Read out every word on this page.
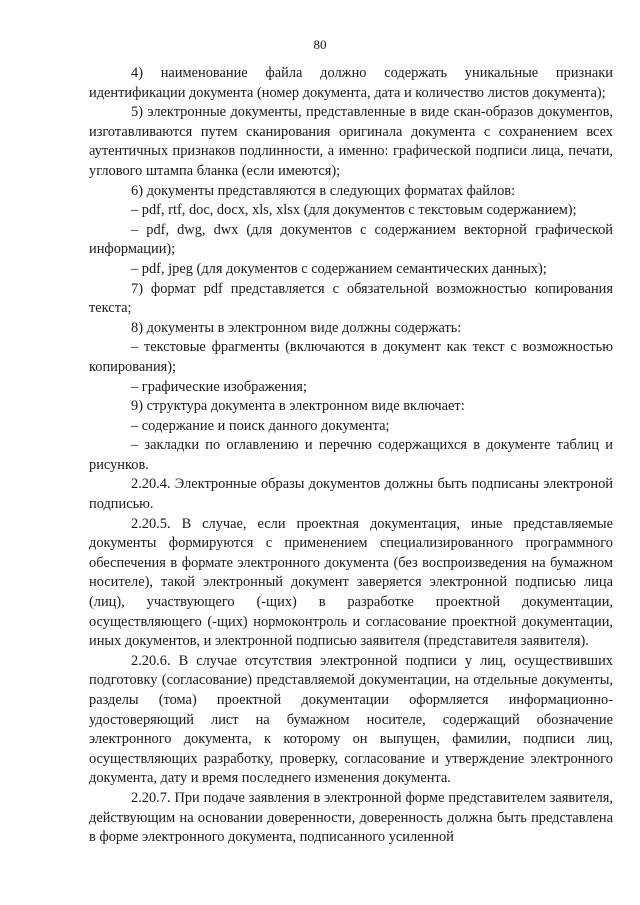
80

4) наименование файла должно содержать уникальные признаки идентификации документа (номер документа, дата и количество листов документа);

5) электронные документы, представленные в виде скан-образов документов, изготавливаются путем сканирования оригинала документа с сохранением всех аутентичных признаков подлинности, а именно: графической подписи лица, печати, углового штампа бланка (если имеются);

6) документы представляются в следующих форматах файлов:

– pdf, rtf, doc, docx, xls, xlsx (для документов с текстовым содержанием);

– pdf, dwg, dwx (для документов с содержанием векторной графической информации);

– pdf, jpeg (для документов с содержанием семантических данных);

7) формат pdf представляется с обязательной возможностью копирования текста;

8) документы в электронном виде должны содержать:

– текстовые фрагменты (включаются в документ как текст с возможностью копирования);

– графические изображения;

9) структура документа в электронном виде включает:

– содержание и поиск данного документа;

– закладки по оглавлению и перечню содержащихся в документе таблиц и рисунков.

2.20.4. Электронные образы документов должны быть подписаны электроной подписью.

2.20.5. В случае, если проектная документация, иные представляемые документы формируются с применением специализированного программного обеспечения в формате электронного документа (без воспроизведения на бумажном носителе), такой электронный документ заверяется электронной подписью лица (лиц), участвующего (-щих) в разработке проектной документации, осуществляющего (-щих) нормоконтроль и согласование проектной документации, иных документов, и электронной подписью заявителя (представителя заявителя).

2.20.6. В случае отсутствия электронной подписи у лиц, осуществивших подготовку (согласование) представляемой документации, на отдельные документы, разделы (тома) проектной документации оформляется информационно-удостоверяющий лист на бумажном носителе, содержащий обозначение электронного документа, к которому он выпущен, фамилии, подписи лиц, осуществляющих разработку, проверку, согласование и утверждение электронного документа, дату и время последнего изменения документа.

2.20.7. При подаче заявления в электронной форме представителем заявителя, действующим на основании доверенности, доверенность должна быть представлена в форме электронного документа, подписанного усиленной
